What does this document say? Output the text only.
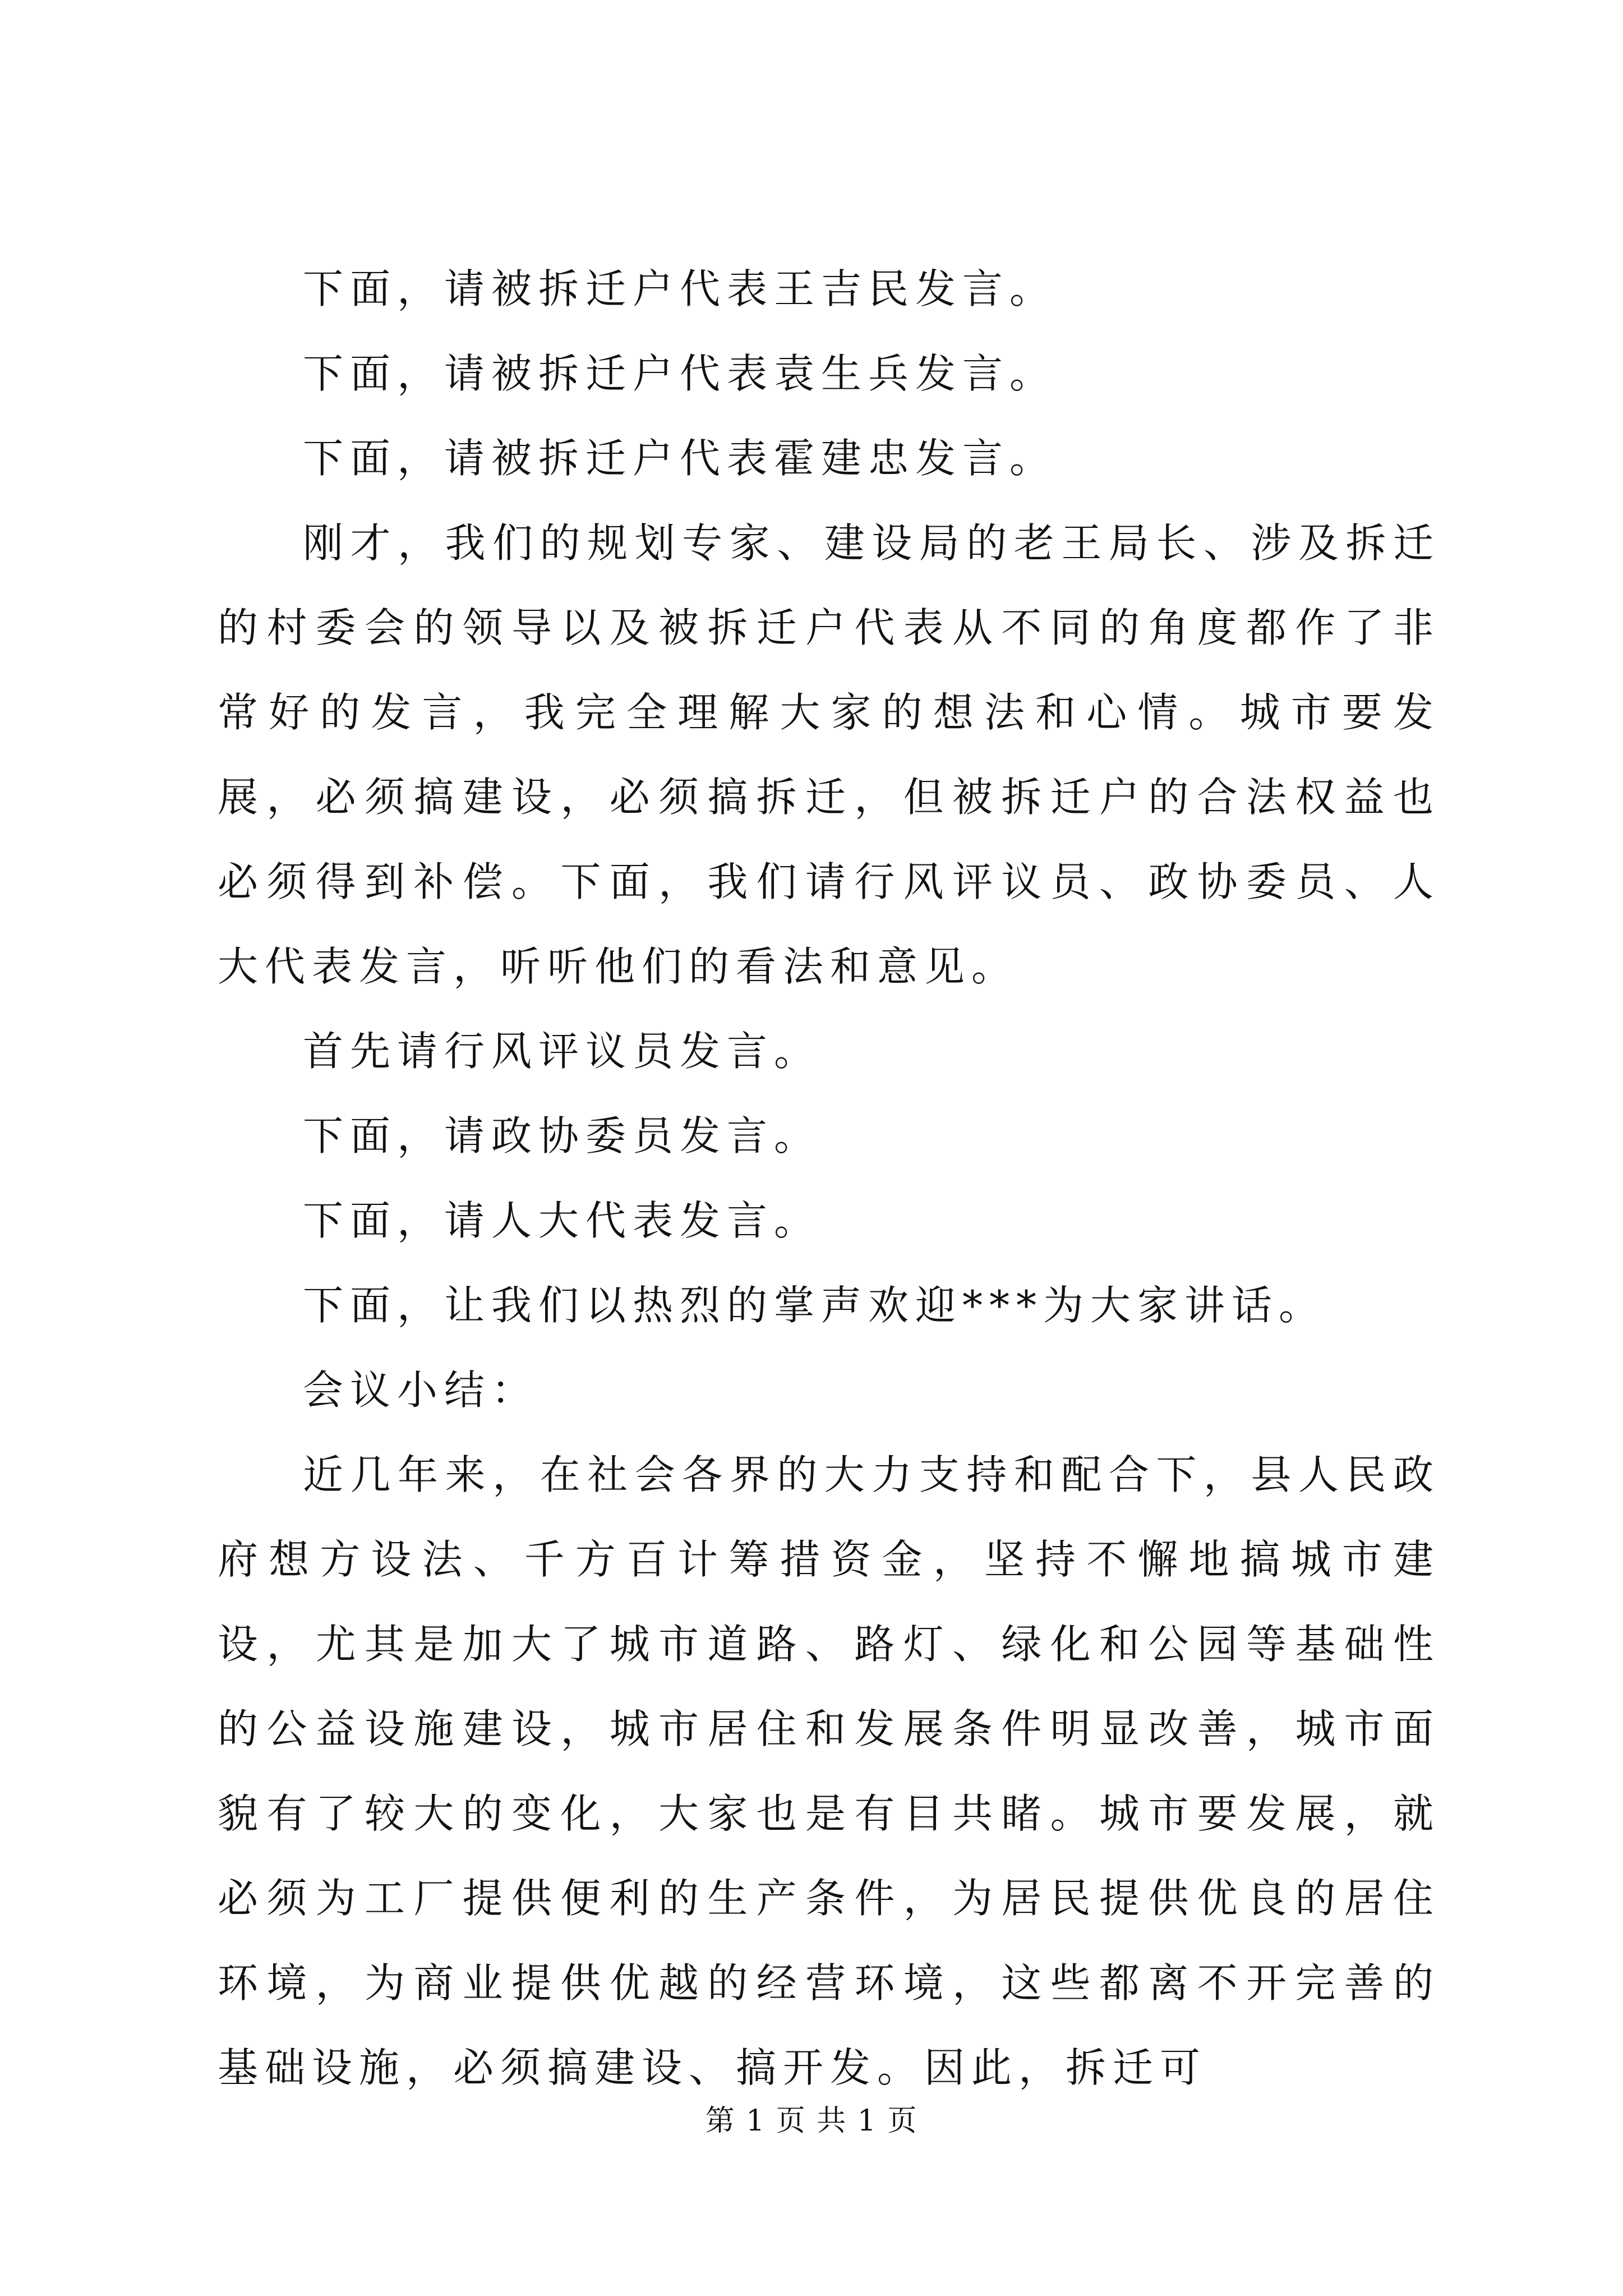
下面，请被拆迁户代表王吉民发言。

下面，请被拆迁户代表袁生兵发言。

下面，请被拆迁户代表霍建忠发言。

刚才，我们的规划专家、建设局的老王局长、涉及拆迁的村委会的领导以及被拆迁户代表从不同的角度都作了非常好的发言，我完全理解大家的想法和心情。城市要发展，必须搞建设，必须搞拆迁，但被拆迁户的合法权益也必须得到补偿。下面，我们请行风评议员、政协委员、人大代表发言，听听他们的看法和意见。

首先请行风评议员发言。

下面，请政协委员发言。

下面，请人大代表发言。

下面，让我们以热烈的掌声欢迎***为大家讲话。

会议小结：

近几年来，在社会各界的大力支持和配合下，县人民政府想方设法、千方百计筹措资金，坚持不懈地搞城市建设，尤其是加大了城市道路、路灯、绿化和公园等基础性的公益设施建设，城市居住和发展条件明显改善，城市面貌有了较大的变化，大家也是有目共睹。城市要发展，就必须为工厂提供便利的生产条件，为居民提供优良的居住环境，为商业提供优越的经营环境，这些都离不开完善的基础设施，必须搞建设、搞开发。因此，拆迁可

第 1 页 共 1 页
